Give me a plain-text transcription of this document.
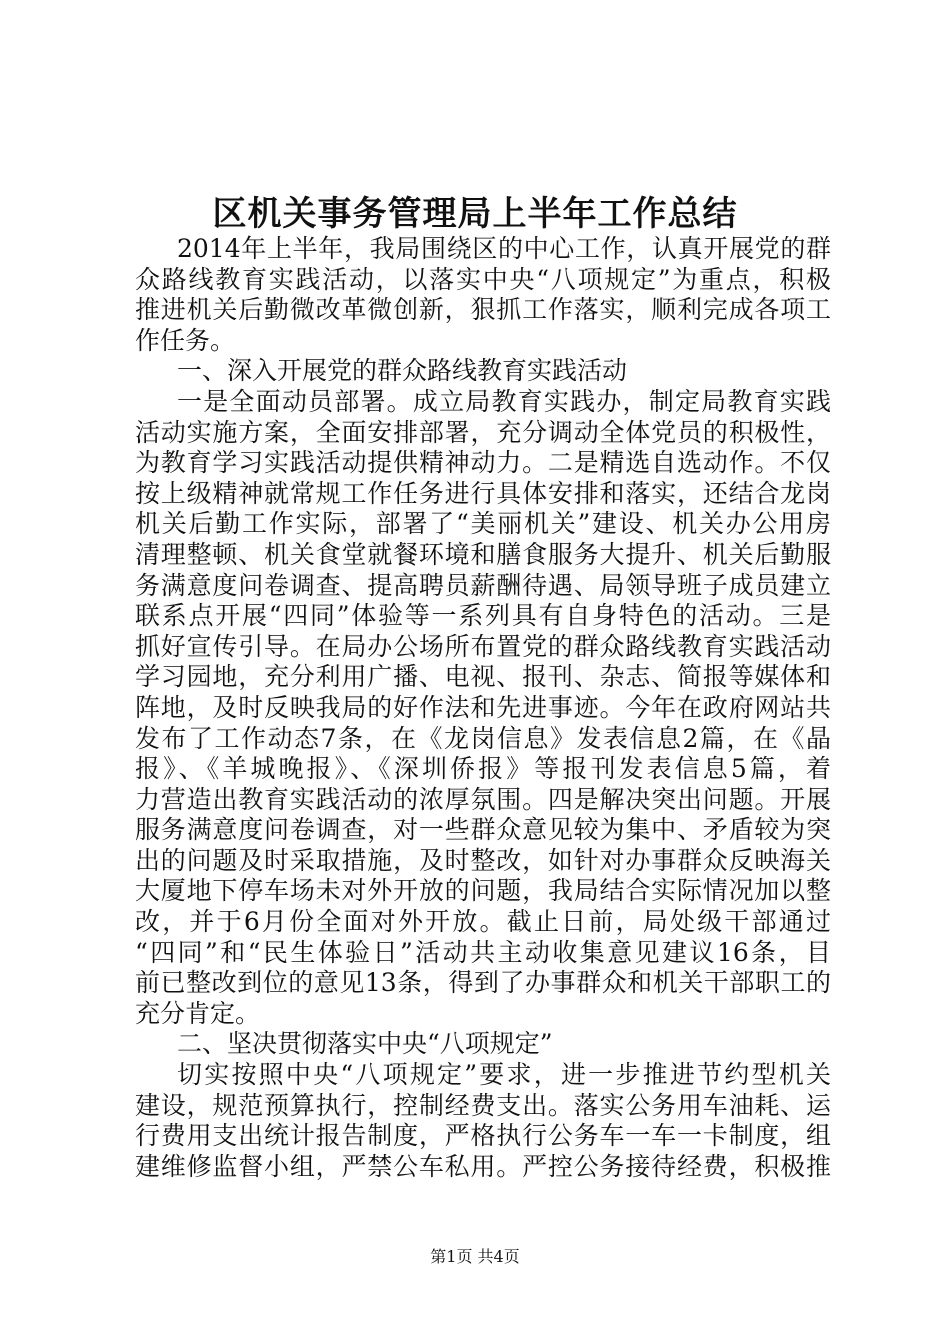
区机关事务管理局上半年工作总结
2014年上半年，我局围绕区的中心工作，认真开展党的群
众路线教育实践活动，以落实中央“八项规定”为重点，积极
推进机关后勤微改革微创新，狠抓工作落实，顺利完成各项工
作任务。
一、深入开展党的群众路线教育实践活动
一是全面动员部署。成立局教育实践办，制定局教育实践
活动实施方案，全面安排部署，充分调动全体党员的积极性，
为教育学习实践活动提供精神动力。二是精选自选动作。不仅
按上级精神就常规工作任务进行具体安排和落实，还结合龙岗
机关后勤工作实际，部署了“美丽机关”建设、机关办公用房
清理整顿、机关食堂就餐环境和膳食服务大提升、机关后勤服
务满意度问卷调查、提高聘员薪酬待遇、局领导班子成员建立
联系点开展“四同”体验等一系列具有自身特色的活动。三是
抓好宣传引导。在局办公场所布置党的群众路线教育实践活动
学习园地，充分利用广播、电视、报刊、杂志、简报等媒体和
阵地，及时反映我局的好作法和先进事迹。今年在政府网站共
发布了工作动态7条，在《龙岗信息》发表信息2篇，在《晶
报》、《羊城晚报》、《深圳侨报》等报刊发表信息5篇，着
力营造出教育实践活动的浓厚氛围。四是解决突出问题。开展
服务满意度问卷调查，对一些群众意见较为集中、矛盾较为突
出的问题及时采取措施，及时整改，如针对办事群众反映海关
大厦地下停车场未对外开放的问题，我局结合实际情况加以整
改，并于6月份全面对外开放。截止日前，局处级干部通过
“四同”和“民生体验日”活动共主动收集意见建议16条，目
前已整改到位的意见13条，得到了办事群众和机关干部职工的
充分肯定。
二、坚决贯彻落实中央“八项规定”
切实按照中央“八项规定”要求，进一步推进节约型机关
建设，规范预算执行，控制经费支出。落实公务用车油耗、运
行费用支出统计报告制度，严格执行公务车一车一卡制度，组
建维修监督小组，严禁公车私用。严控公务接待经费，积极推
第1页 共4页
